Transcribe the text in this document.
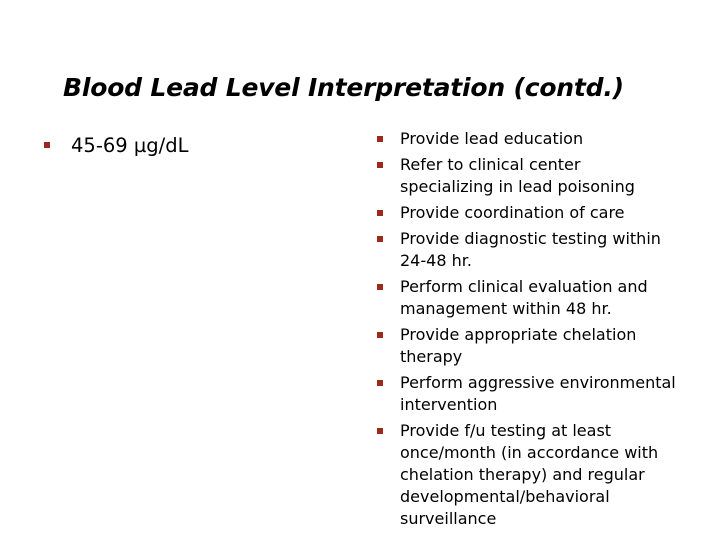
Blood Lead Level Interpretation (contd.)
45-69 µg/dL	Provide lead education
Refer to clinical center specializing in lead poisoning
Provide coordination of care
Provide diagnostic testing within 24-48 hr.
Perform clinical evaluation and management within 48 hr.
Provide appropriate chelation therapy
Perform aggressive environmental intervention
Provide f/u testing at least once/month (in accordance with chelation therapy) and regular developmental/behavioral surveillance
